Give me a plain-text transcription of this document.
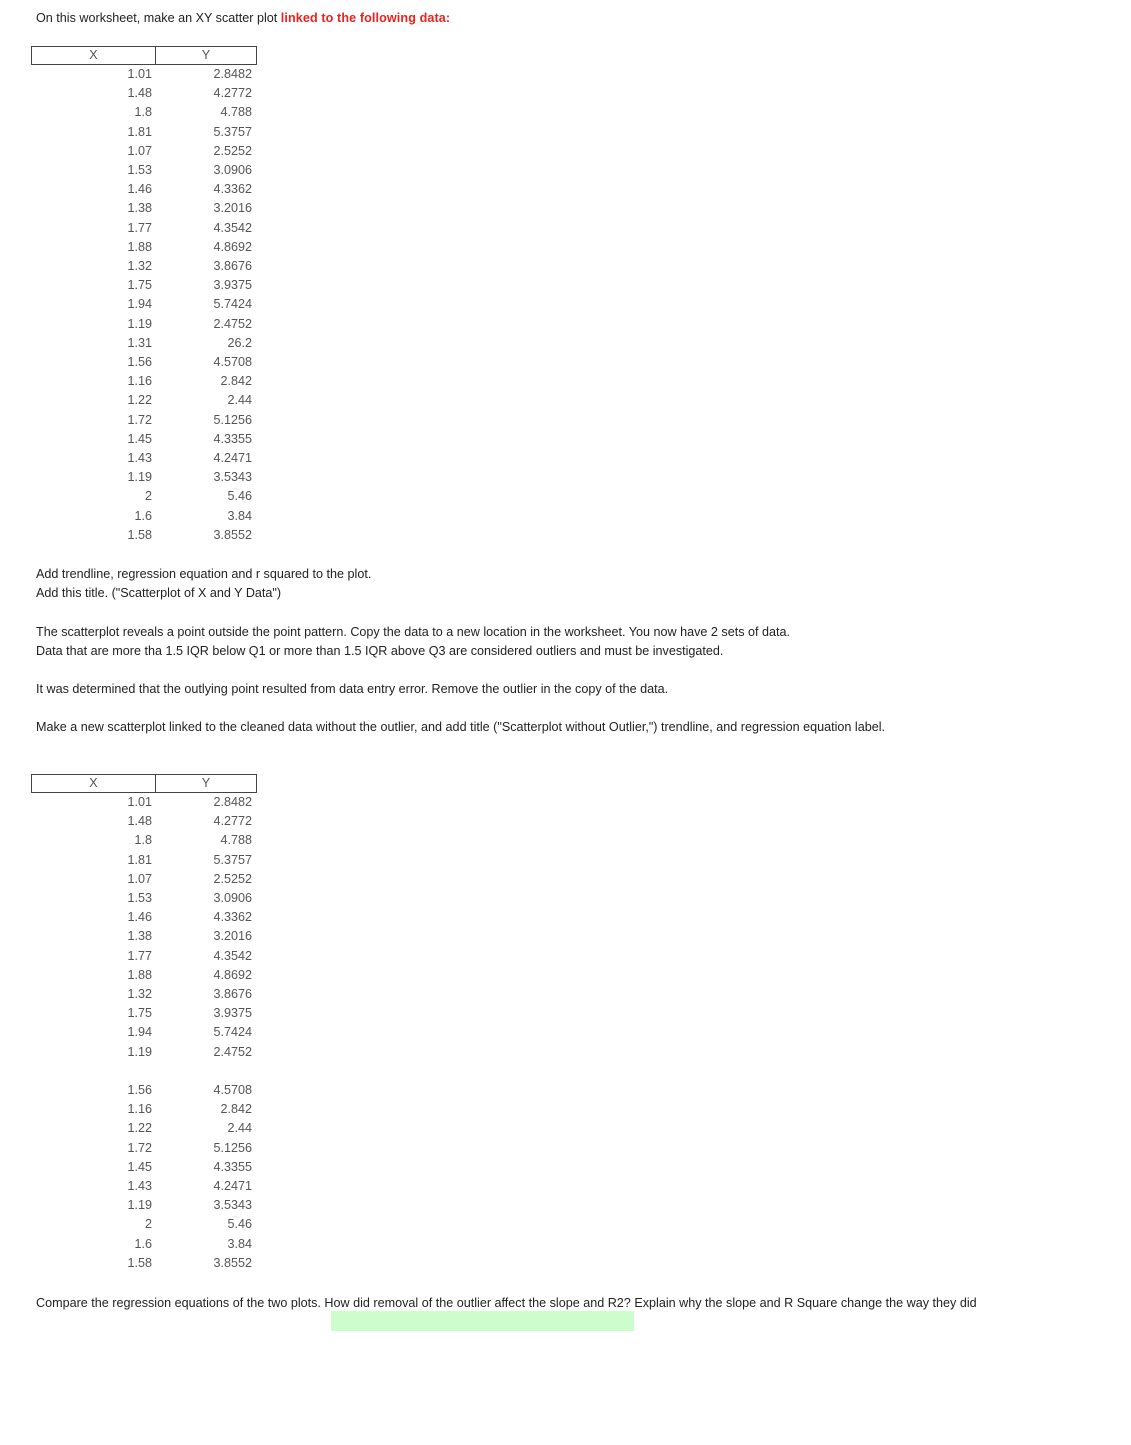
On this worksheet, make an XY scatter plot linked to the following data:
X	Y
1.01	2.8482
1.48	4.2772
1.8	4.788
1.81	5.3757
1.07	2.5252
1.53	3.0906
1.46	4.3362
1.38	3.2016
1.77	4.3542
1.88	4.8692
1.32	3.8676
1.75	3.9375
1.94	5.7424
1.19	2.4752
1.31	26.2
1.56	4.5708
1.16	2.842
1.22	2.44
1.72	5.1256
1.45	4.3355
1.43	4.2471
1.19	3.5343
2	5.46
1.6	3.84
1.58	3.8552
Add trendline, regression equation and r squared to the plot.
Add this title. ("Scatterplot of X and Y Data")
The scatterplot reveals a point outside the point pattern. Copy the data to a new location in the worksheet. You now have 2 sets of data.
Data that are more tha 1.5 IQR below Q1 or more than 1.5 IQR above Q3 are considered outliers and must be investigated.
It was determined that the outlying point resulted from data entry error. Remove the outlier in the copy of the data.
Make a new scatterplot linked to the cleaned data without the outlier, and add title ("Scatterplot without Outlier,") trendline, and regression equation label.
X	Y
1.01	2.8482
1.48	4.2772
1.8	4.788
1.81	5.3757
1.07	2.5252
1.53	3.0906
1.46	4.3362
1.38	3.2016
1.77	4.3542
1.88	4.8692
1.32	3.8676
1.75	3.9375
1.94	5.7424
1.19	2.4752
1.56	4.5708
1.16	2.842
1.22	2.44
1.72	5.1256
1.45	4.3355
1.43	4.2471
1.19	3.5343
2	5.46
1.6	3.84
1.58	3.8552
Compare the regression equations of the two plots. How did removal of the outlier affect the slope and R2? Explain why the slope and R Square change the way they did
